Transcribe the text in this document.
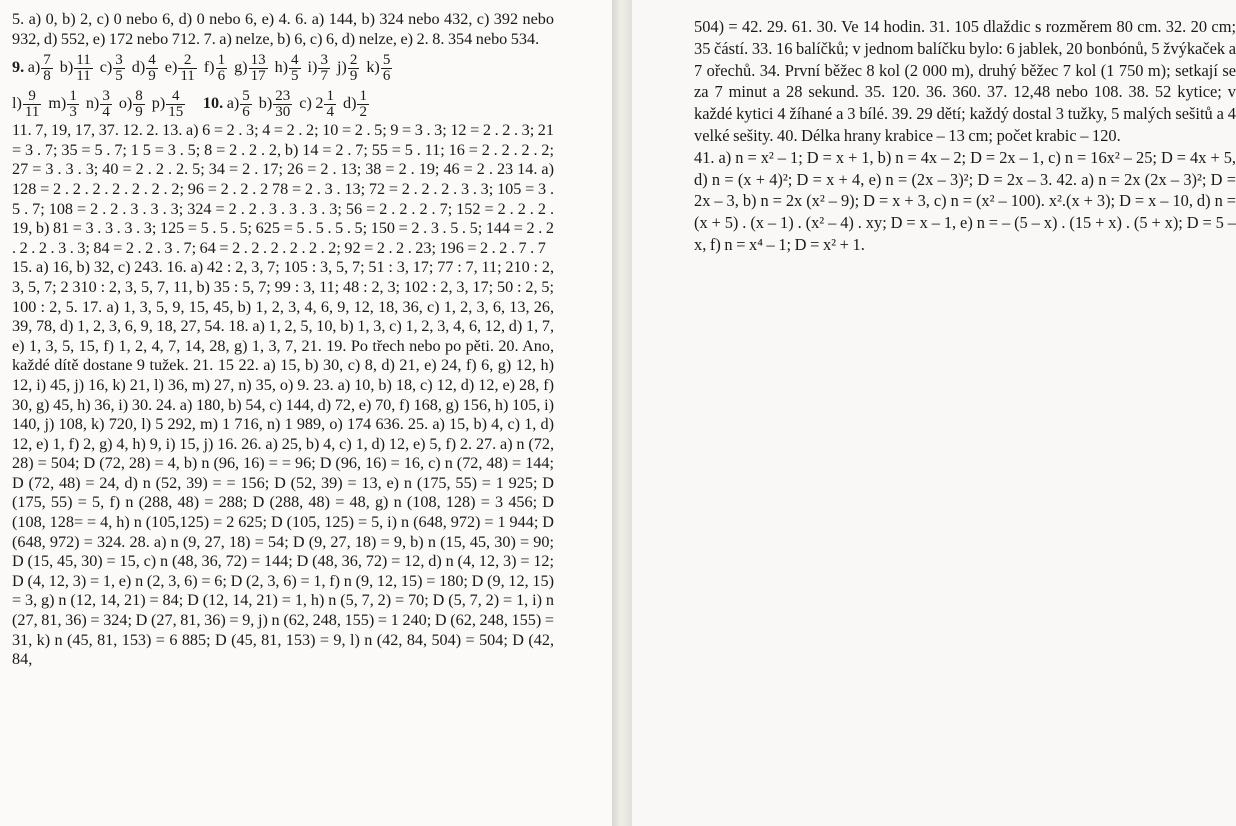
5. a) 0, b) 2, c) 0 nebo 6, d) 0 nebo 6, e) 4. 6. a) 144, b) 324 nebo 432, c) 392 nebo 932, d) 552, e) 172 nebo 712. 7. a) nelze, b) 6, c) 6, d) nelze, e) 2. 8. 354 nebo 534.

9. $a) \frac{7}{8} b) \frac{11}{11} c) \frac{3}{5} d) \frac{4}{9} e) \frac{2}{11} f) \frac{1}{6} g) \frac{13}{17} h) \frac{4}{5} i) \frac{3}{7} j) \frac{2}{9} k) \frac{5}{6}$

$l) \frac{9}{11} m) \frac{1}{3} n) \frac{3}{4} o) \frac{8}{9} p) \frac{4}{15} 10$. $a) \frac{5}{6} b) \frac{23}{30} c$) $2 \frac{1}{4} d) \frac{1}{2}$

11. 7, 19, 17, 37. 12. 2. 13. a) 6 = 2 . 3; 4 = 2 . 2; 10 = 2 . 5; 9 = 3 . 3; 12 = 2 . 2 . 3; 21 = 3 . 7; 35 = 5 . 7; 1 5 = 3 . 5; 8 = 2 . 2 . 2, b) 14 = 2 . 7; 55 = 5 . 11; 16 = 2 . 2 . 2 . 2; 27 = 3 . 3 . 3; 40 = 2 . 2 . 2. 5; 34 = 2 . 17; 26 = 2 . 13; 38 = 2 . 19; 46 = 2 . 23 14. a) 128 = 2 . 2 . 2 . 2 . 2 . 2 . 2; 96 = 2 . 2 . 2 78 = 2 . 3 . 13; 72 = 2 . 2 . 2 . 3 . 3; 105 = 3 . 5 . 7; 108 = 2 . 2 . 3 . 3 . 3; 324 = 2 . 2 . 3 . 3 . 3 . 3; 56 = 2 . 2 . 2 . 7; 152 = 2 . 2 . 2 . 19, b) 81 = 3 . 3 . 3 . 3; 125 = 5 . 5 . 5; 625 = 5 . 5 . 5 . 5; 150 = 2 . 3 . 5 . 5; 144 = 2 . 2 . 2 . 2 . 3 . 3; 84 = 2 . 2 . 3 . 7; 64 = 2 . 2 . 2 . 2 . 2 . 2; 92 = 2 . 2 . 23; 196 = 2 . 2 . 7 . 7

15. a) 16, b) 32, c) 243. 16. a) 42 : 2, 3, 7; 105 : 3, 5, 7; 51 : 3, 17; 77 : 7, 11; 210 : 2, 3, 5, 7; 2 310 : 2, 3, 5, 7, 11, b) 35 : 5, 7; 99 : 3, 11; 48 : 2, 3; 102 : 2, 3, 17; 50 : 2, 5; 100 : 2, 5. 17. a) 1, 3, 5, 9, 15, 45, b) 1, 2, 3, 4, 6, 9, 12, 18, 36, c) 1, 2, 3, 6, 13, 26, 39, 78, d) 1, 2, 3, 6, 9, 18, 27, 54. 18. a) 1, 2, 5, 10, b) 1, 3, c) 1, 2, 3, 4, 6, 12, d) 1, 7, e) 1, 3, 5, 15, f) 1, 2, 4, 7, 14, 28, g) 1, 3, 7, 21. 19. Po třech nebo po pěti. 20. Ano, každé dítě dostane 9 tužek. 21. 15 22. a) 15, b) 30, c) 8, d) 21, e) 24, f) 6, g) 12, h) 12, i) 45, j) 16, k) 21, l) 36, m) 27, n) 35, o) 9. 23. a) 10, b) 18, c) 12, d) 12, e) 28, f) 30, g) 45, h) 36, i) 30. 24. a) 180, b) 54, c) 144, d) 72, e) 70, f) 168, g) 156, h) 105, i) 140, j) 108, k) 720, l) 5 292, m) 1 716, n) 1 989, o) 174 636. 25. a) 15, b) 4, c) 1, d) 12, e) 1, f) 2, g) 4, h) 9, i) 15, j) 16. 26. a) 25, b) 4, c) 1, d) 12, e) 5, f) 2. 27. a) n (72, 28) = 504; D (72, 28) = 4, b) n (96, 16) = = 96; D (96, 16) = 16, c) n (72, 48) = 144; D (72, 48) = 24, d) n (52, 39) = = 156; D (52, 39) = 13, e) n (175, 55) = 1 925; D (175, 55) = 5, f) n (288, 48) = 288; D (288, 48) = 48, g) n (108, 128) = 3 456; D (108, 128= = 4, h) n (105,125) = 2 625; D (105, 125) = 5, i) n (648, 972) = 1 944; D (648, 972) = 324. 28. a) n (9, 27, 18) = 54; D (9, 27, 18) = 9, b) n (15, 45, 30) = 90; D (15, 45, 30) = 15, c) n (48, 36, 72) = 144; D (48, 36, 72) = 12, d) n (4, 12, 3) = 12; D (4, 12, 3) = 1, e) n (2, 3, 6) = 6; D (2, 3, 6) = 1, f) n (9, 12, 15) = 180; D (9, 12, 15) = 3, g) n (12, 14, 21) = 84; D (12, 14, 21) = 1, h) n (5, 7, 2) = 70; D (5, 7, 2) = 1, i) n (27, 81, 36) = 324; D (27, 81, 36) = 9, j) n (62, 248, 155) = 1 240; D (62, 248, 155) = 31, k) n (45, 81, 153) = 6 885; D (45, 81, 153) = 9, l) n (42, 84, 504) = 504; D (42, 84,

504) = 42. 29. 61. 30. Ve 14 hodin. 31. 105 dlaždic s rozměrem 80 cm. 32. 20 cm; 35 částí. 33. 16 balíčků; v jednom balíčku bylo: 6 jablek, 20 bonbónů, 5 žvýkaček a 7 ořechů. 34. První běžec 8 kol (2 000 m), druhý běžec 7 kol (1 750 m); setkají se za 7 minut a 28 sekund. 35. 120. 36. 360. 37. 12,48 nebo 108. 38. 52 kytice; v každé kytici 4 žíhané a 3 bílé. 39. 29 dětí; každý dostal 3 tužky, 5 malých sešitů a 4 velké sešity. 40. Délka hrany krabice – 13 cm; počet krabic – 120.

41. a) n = x² – 1; D = x + 1, b) n = 4x – 2; D = 2x – 1, c) n = 16x² – 25; D = 4x + 5, d) n = (x + 4)²; D = x + 4, e) n = (2x – 3)²; D = 2x – 3. 42. a) n = 2x (2x – 3)²; D = 2x – 3, b) n = 2x (x² – 9); D = x + 3, c) n = (x² – 100). x².(x + 3); D = x – 10, d) n = (x + 5) . (x – 1) . (x² – 4) . xy; D = x – 1, e) n = – (5 – x) . (15 + x) . (5 + x); D = 5 – x, f) n = x⁴ – 1; D = x² + 1.
